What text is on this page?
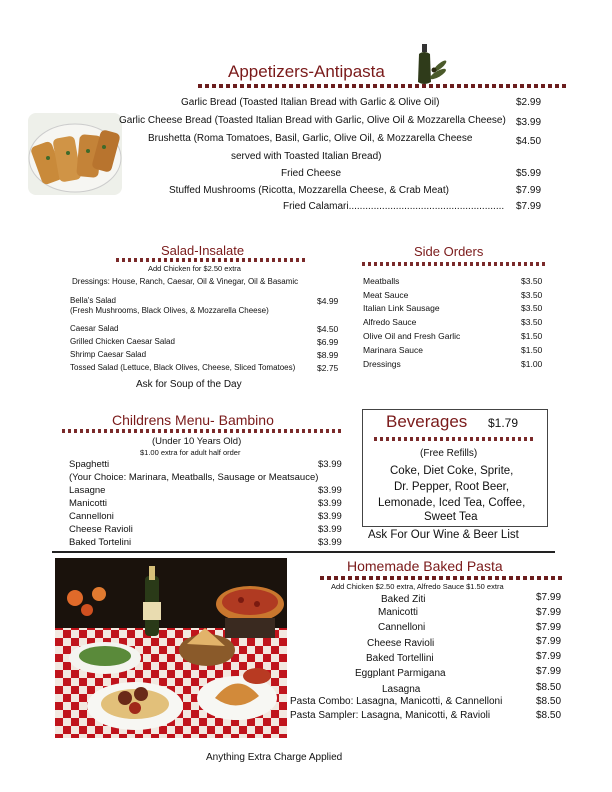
Appetizers-Antipasta
Garlic Bread (Toasted Italian Bread with Garlic & Olive Oil)	$2.99
Garlic Cheese Bread (Toasted Italian Bread with Garlic, Olive Oil & Mozzarella Cheese) $3.99
Brushetta (Roma Tomatoes, Basil, Garlic, Olive Oil, & Mozzarella Cheese	$4.50
served with Toasted Italian Bread)
Fried Cheese	$5.99
Stuffed Mushrooms (Ricotta, Mozzarella Cheese, & Crab Meat)	$7.99
Fried Calamari........................................................ $7.99
Salad-Insalate
Add Chicken for $2.50 extra
Dressings: House, Ranch, Caesar, Oil & Vinegar, Oil & Basamic
Bella's Salad	$4.99
(Fresh Mushrooms, Black Olives, & Mozzarella Cheese)
Caesar Salad	$4.50
Grilled Chicken Caesar Salad	$6.99
Shrimp Caesar Salad	$8.99
Tossed Salad (Lettuce, Black Olives, Cheese, Sliced Tomatoes)	$2.75
Ask for Soup of the Day
Side Orders
Meatballs	$3.50
Meat Sauce	$3.50
Italian Link Sausage	$3.50
Alfredo Sauce	$3.50
Olive Oil and Fresh Garlic	$1.50
Marinara Sauce	$1.50
Dressings	$1.00
Childrens Menu- Bambino
(Under 10 Years Old)
$1.00 extra for adult half order
Spaghetti	$3.99
(Your Choice: Marinara, Meatballs, Sausage or Meatsauce)
Lasagne	$3.99
Manicotti	$3.99
Cannelloni	$3.99
Cheese Ravioli	$3.99
Baked Tortelini	$3.99
Beverages $1.79
(Free Refills)
Coke, Diet Coke, Sprite,
Dr. Pepper, Root Beer,
Lemonade, Iced Tea, Coffee,
Sweet Tea
Ask For Our Wine & Beer List
Homemade Baked Pasta
Add Chicken $2.50 extra, Alfredo Sauce $1.50 extra
Baked Ziti	$7.99
Manicotti	$7.99
Cannelloni	$7.99
Cheese Ravioli	$7.99
Baked Tortellini	$7.99
Eggplant Parmigana	$7.99
Lasagna	$8.50
Pasta Combo: Lasagna, Manicotti, & Cannelloni	$8.50
Pasta Sampler: Lasagna, Manicotti, & Ravioli	$8.50
Anything Extra Charge Applied
